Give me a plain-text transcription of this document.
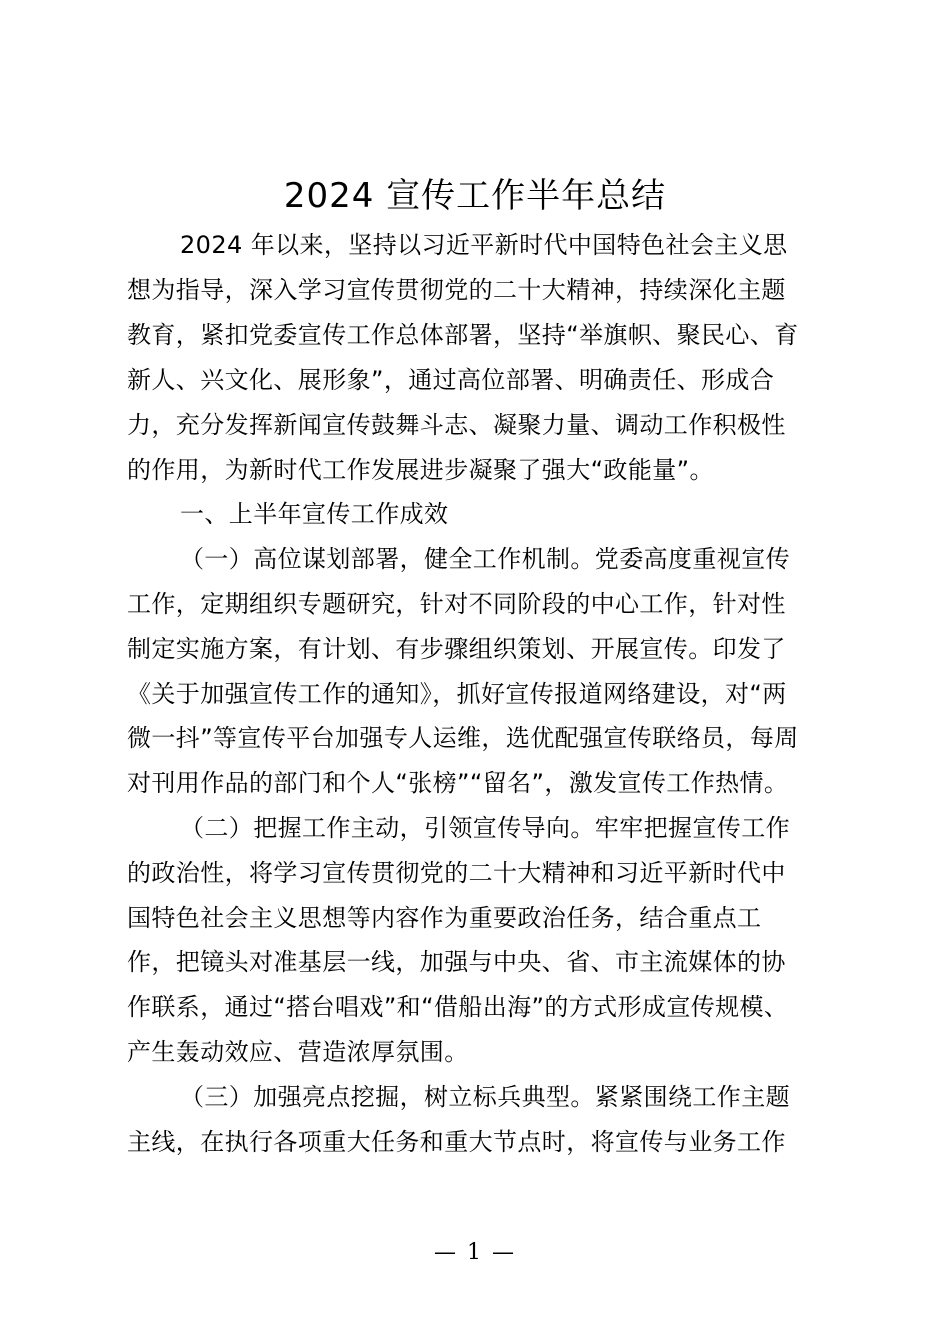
2024 宣传工作半年总结
2024 年以来，坚持以习近平新时代中国特色社会主义思
想为指导，深入学习宣传贯彻党的二十大精神，持续深化主题
教育，紧扣党委宣传工作总体部署，坚持“举旗帜、聚民心、育
新人、兴文化、展形象”，通过高位部署、明确责任、形成合
力，充分发挥新闻宣传鼓舞斗志、凝聚力量、调动工作积极性
的作用，为新时代工作发展进步凝聚了强大“政能量”。
一、上半年宣传工作成效
（一）高位谋划部署，健全工作机制。党委高度重视宣传
工作，定期组织专题研究，针对不同阶段的中心工作，针对性
制定实施方案，有计划、有步骤组织策划、开展宣传。印发了
《关于加强宣传工作的通知》，抓好宣传报道网络建设，对“两
微一抖”等宣传平台加强专人运维，选优配强宣传联络员，每周
对刊用作品的部门和个人“张榜”“留名”，激发宣传工作热情。
（二）把握工作主动，引领宣传导向。牢牢把握宣传工作
的政治性，将学习宣传贯彻党的二十大精神和习近平新时代中
国特色社会主义思想等内容作为重要政治任务，结合重点工
作，把镜头对准基层一线，加强与中央、省、市主流媒体的协
作联系，通过“搭台唱戏”和“借船出海”的方式形成宣传规模、
产生轰动效应、营造浓厚氛围。
（三）加强亮点挖掘，树立标兵典型。紧紧围绕工作主题
主线，在执行各项重大任务和重大节点时，将宣传与业务工作
— 1 —
